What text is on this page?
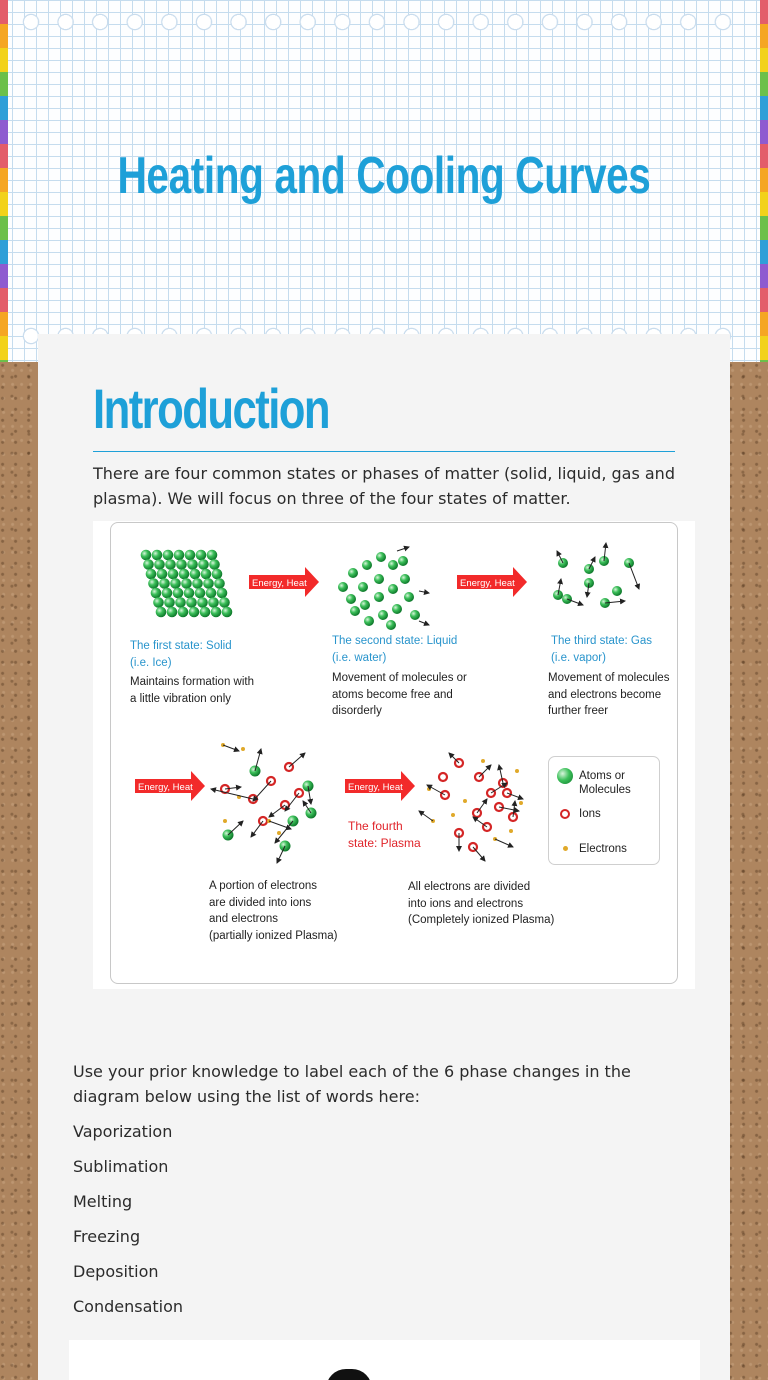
Heating and Cooling Curves
Introduction
There are four common states or phases of matter (solid, liquid, gas and plasma). We will focus on three of the four states of matter.
Energy, Heat	Energy, Heat
Energy, Heat	Energy, Heat
The first state: Solid
(i.e. Ice)
Maintains formation with
a little vibration only
The second state: Liquid
(i.e. water)
Movement of molecules or
atoms become free and
disorderly
The third state: Gas
(i.e. vapor)
Movement of molecules
and electrons become
further freer
The fourth
state: Plasma
A portion of electrons
are divided into ions
and electrons
(partially ionized Plasma)
All electrons are divided
into ions and electrons
(Completely ionized Plasma)
Atoms or
Molecules
Ions
Electrons
Use your prior knowledge to label each of the 6 phase changes in the diagram below using the list of words here:
Vaporization
Sublimation
Melting
Freezing
Deposition
Condensation
